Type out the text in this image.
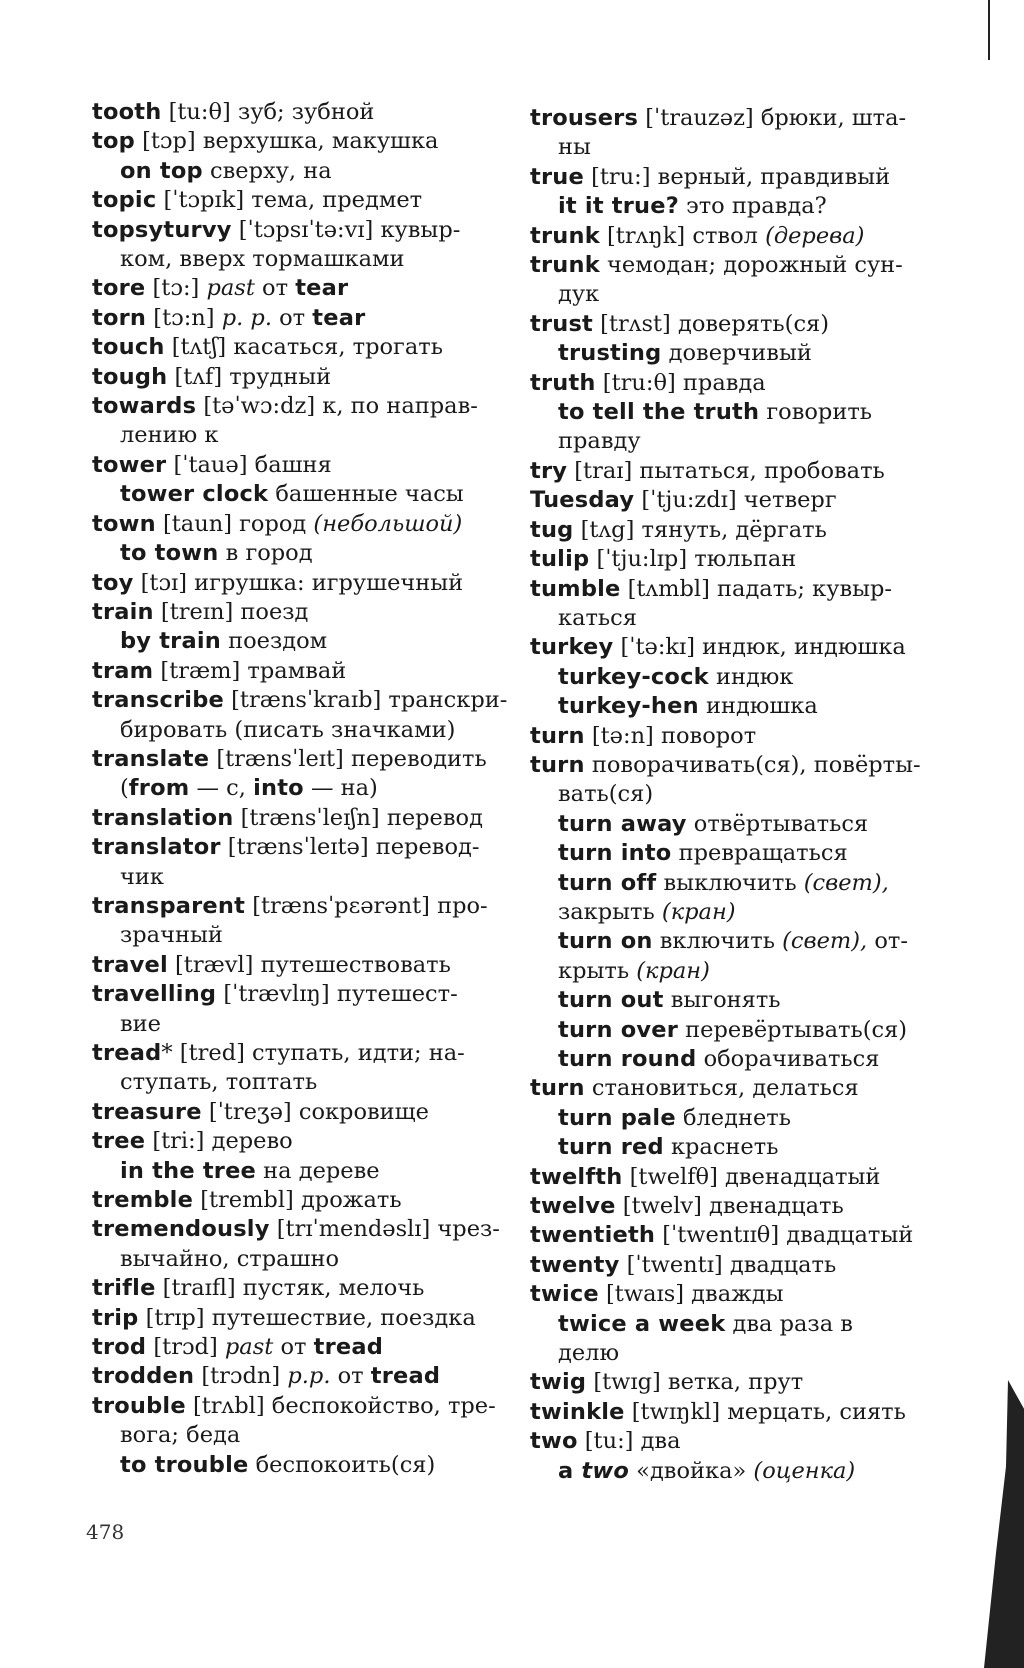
tooth [tu:θ] зуб; зубной
top [tɔp] верхушка, макушка
on top сверху, на
topic [ˈtɔpɪk] тема, предмет
topsyturvy [ˈtɔpsɪˈtə:vɪ] кувыр-
ком, вверх тормашками
tore [tɔ:] past от tear
torn [tɔ:n] p. p. от tear
touch [tʌtʃ] касаться, трогать
tough [tʌf] трудный
towards [təˈwɔ:dz] к, по направ-
лению к
tower [ˈtauə] башня
tower clock башенные часы
town [taun] город (небольшой)
to town в город
toy [tɔɪ] игрушка: игрушечный
train [treɪn] поезд
by train поездом
tram [træm] трамвай
transcribe [trænsˈkraɪb] транскри-
бировать (писать значками)
translate [trænsˈleɪt] переводить
(from — с, into — на)
translation [trænsˈleɪʃn] перевод
translator [trænsˈleɪtə] перевод-
чик
transparent [trænsˈpɛərənt] про-
зрачный
travel [trævl] путешествовать
travelling [ˈtrævlɪŋ] путешест-
вие
tread* [tred] ступать, идти; на-
ступать, топтать
treasure [ˈtreʒə] сокровище
tree [tri:] дерево
in the tree на дереве
tremble [trembl] дрожать
tremendously [trɪˈmendəslɪ] чрез-
вычайно, страшно
trifle [traɪfl] пустяк, мелочь
trip [trɪp] путешествие, поездка
trod [trɔd] past от tread
trodden [trɔdn] p.p. от tread
trouble [trʌbl] беспокойство, тре-
вога; беда
to trouble беспокоить(ся)
trousers [ˈtrauzəz] брюки, шта-
ны
true [tru:] верный, правдивый
it it true? это правда?
trunk [trʌŋk] ствол (дерева)
trunk чемодан; дорожный сун-
дук
trust [trʌst] доверять(ся)
trusting доверчивый
truth [tru:θ] правда
to tell the truth говорить
правду
try [traɪ] пытаться, пробовать
Tuesday [ˈtju:zdɪ] четверг
tug [tʌg] тянуть, дёргать
tulip [ˈtju:lɪp] тюльпан
tumble [tʌmbl] падать; кувыр-
каться
turkey [ˈtə:kɪ] индюк, индюшка
turkey-cock индюк
turkey-hen индюшка
turn [tə:n] поворот
turn поворачивать(ся), повёрты-
вать(ся)
turn away отвёртываться
turn into превращаться
turn off выключить (свет),
закрыть (кран)
turn on включить (свет), от-
крыть (кран)
turn out выгонять
turn over перевёртывать(ся)
turn round оборачиваться
turn становиться, делаться
turn pale бледнеть
turn red краснеть
twelfth [twelfθ] двенадцатый
twelve [twelv] двенадцать
twentieth [ˈtwentɪɪθ] двадцатый
twenty [ˈtwentɪ] двадцать
twice [twaɪs] дважды
twice a week два раза в
делю
twig [twɪg] ветка, прут
twinkle [twɪŋkl] мерцать, сиять
two [tu:] два
a two «двойка» (оценка)
478
